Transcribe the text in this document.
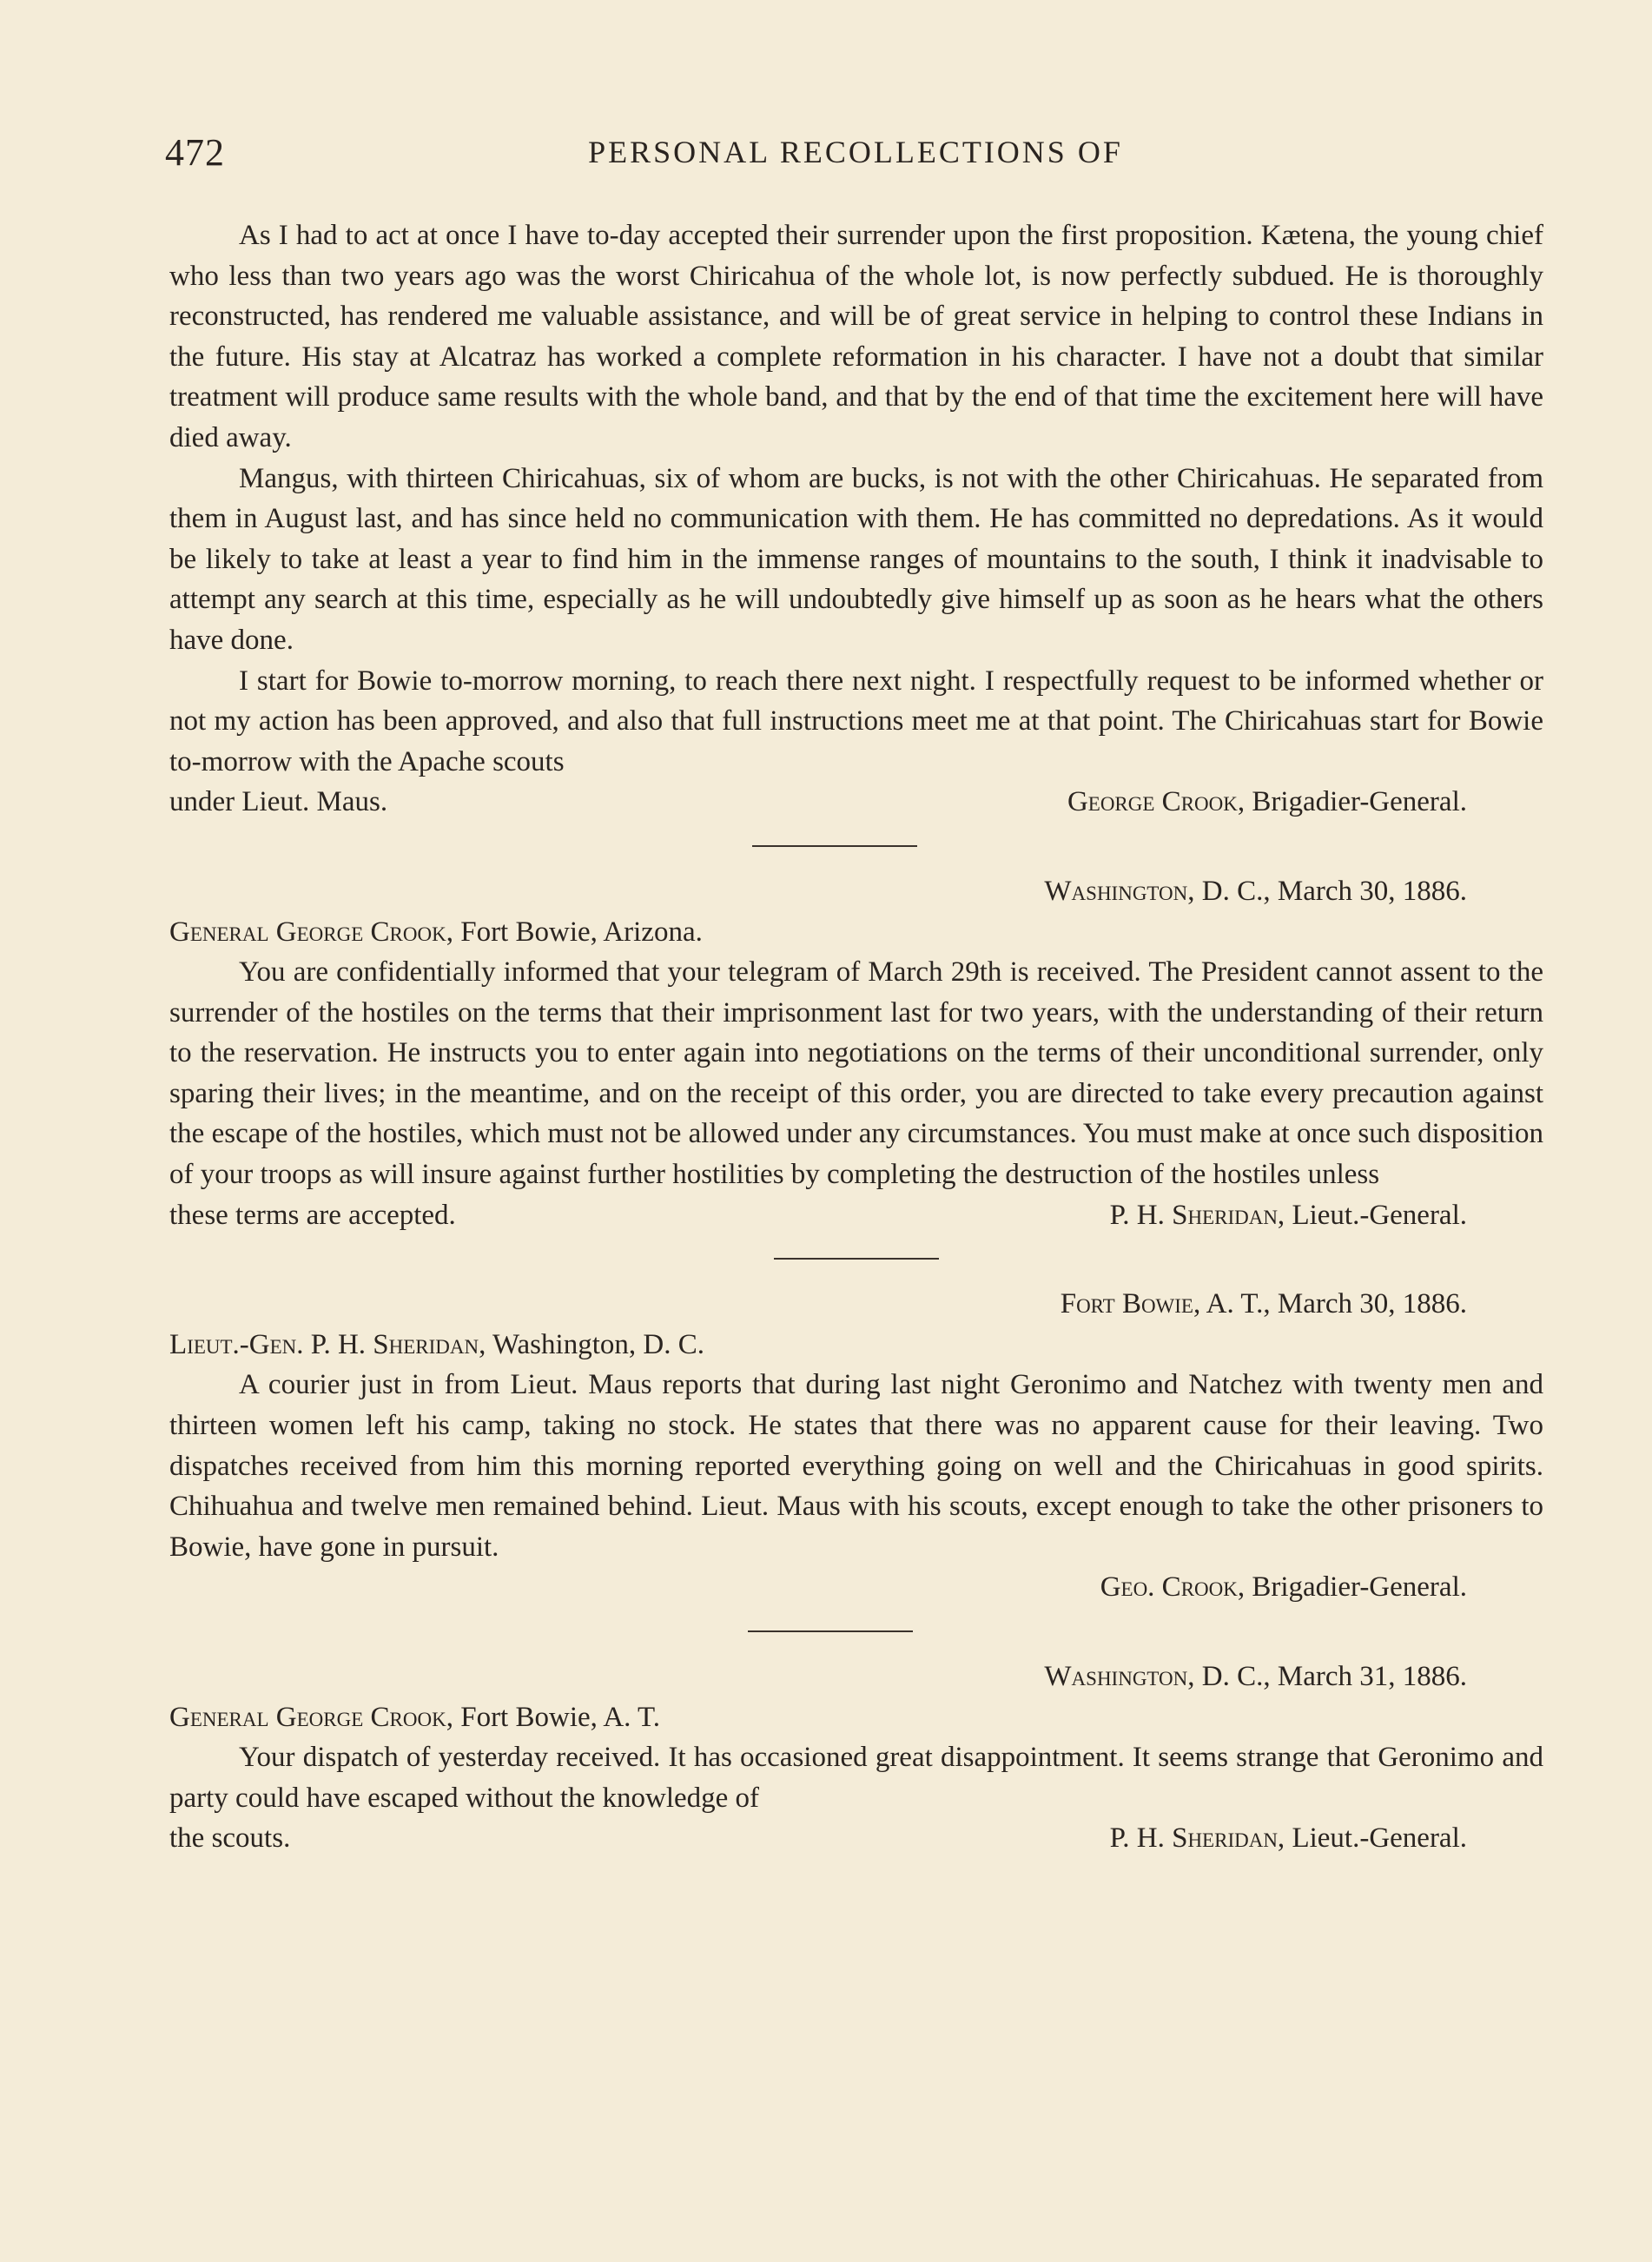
472	PERSONAL RECOLLECTIONS OF

As I had to act at once I have to-day accepted their surrender upon the first proposition. Kætena, the young chief who less than two years ago was the worst Chiricahua of the whole lot, is now perfectly subdued. He is thoroughly reconstructed, has rendered me valuable assistance, and will be of great service in helping to control these Indians in the future. His stay at Alcatraz has worked a complete reformation in his character. I have not a doubt that similar treatment will produce same results with the whole band, and that by the end of that time the excitement here will have died away.

Mangus, with thirteen Chiricahuas, six of whom are bucks, is not with the other Chiricahuas. He separated from them in August last, and has since held no communication with them. He has committed no depredations. As it would be likely to take at least a year to find him in the immense ranges of mountains to the south, I think it inadvisable to attempt any search at this time, especially as he will undoubtedly give himself up as soon as he hears what the others have done.

I start for Bowie to-morrow morning, to reach there next night. I respectfully request to be informed whether or not my action has been approved, and also that full instructions meet me at that point. The Chiricahuas start for Bowie to-morrow with the Apache scouts

under Lieut. Maus.	George Crook, Brigadier-General.

Washington, D. C., March 30, 1886.

General George Crook, Fort Bowie, Arizona.

You are confidentially informed that your telegram of March 29th is received. The President cannot assent to the surrender of the hostiles on the terms that their imprisonment last for two years, with the understanding of their return to the reservation. He instructs you to enter again into negotiations on the terms of their unconditional surrender, only sparing their lives; in the meantime, and on the receipt of this order, you are directed to take every precaution against the escape of the hostiles, which must not be allowed under any circumstances. You must make at once such disposition of your troops as will insure against further hostilities by completing the destruction of the hostiles unless

these terms are accepted.	P. H. Sheridan, Lieut.-General.

Fort Bowie, A. T., March 30, 1886.

Lieut.-Gen. P. H. Sheridan, Washington, D. C.

A courier just in from Lieut. Maus reports that during last night Geronimo and Natchez with twenty men and thirteen women left his camp, taking no stock. He states that there was no apparent cause for their leaving. Two dispatches received from him this morning reported everything going on well and the Chiricahuas in good spirits. Chihuahua and twelve men remained behind. Lieut. Maus with his scouts, except enough to take the other prisoners to Bowie, have gone in pursuit.

Geo. Crook, Brigadier-General.

Washington, D. C., March 31, 1886.

General George Crook, Fort Bowie, A. T.

Your dispatch of yesterday received. It has occasioned great disappointment. It seems strange that Geronimo and party could have escaped without the knowledge of

the scouts.	P. H. Sheridan, Lieut.-General.
